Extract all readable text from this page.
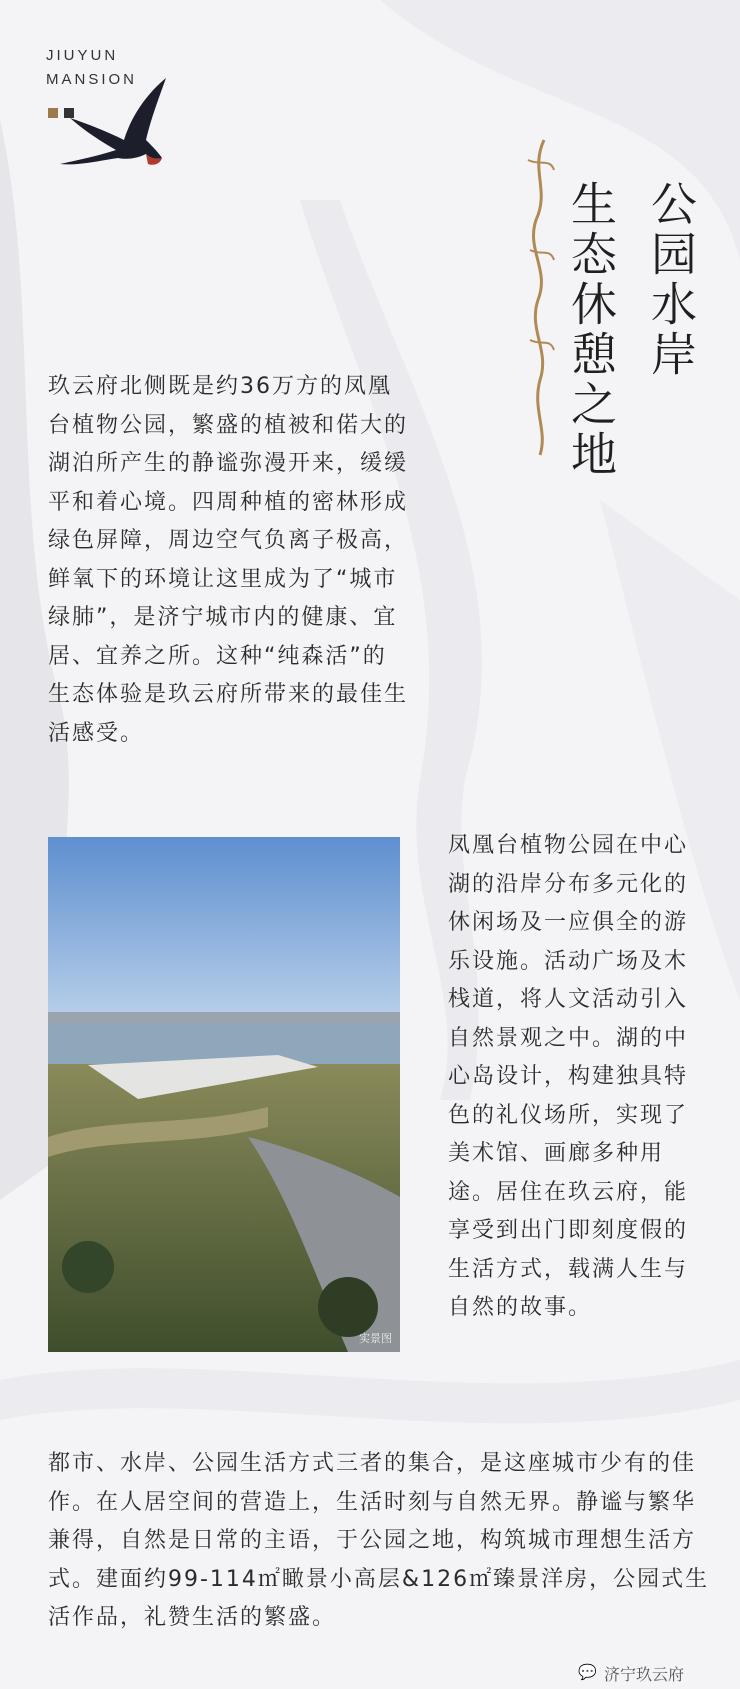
JIUYUN
MANSION
生态休憩之地 公园水岸
玖云府北侧既是约36万方的凤凰台植物公园，繁盛的植被和偌大的湖泊所产生的静谧弥漫开来，缓缓平和着心境。四周种植的密林形成绿色屏障，周边空气负离子极高，鲜氧下的环境让这里成为了“城市绿肺”，是济宁城市内的健康、宜居、宜养之所。这种“纯森活”的生态体验是玖云府所带来的最佳生活感受。
实景图
凤凰台植物公园在中心湖的沿岸分布多元化的休闲场及一应俱全的游乐设施。活动广场及木栈道，将人文活动引入自然景观之中。湖的中心岛设计，构建独具特色的礼仪场所，实现了美术馆、画廊多种用途。居住在玖云府，能享受到出门即刻度假的生活方式，载满人生与自然的故事。
都市、水岸、公园生活方式三者的集合，是这座城市少有的佳作。在人居空间的营造上，生活时刻与自然无界。静谧与繁华兼得，自然是日常的主语，于公园之地，构筑城市理想生活方式。建面约99-114㎡瞰景小高层&126㎡臻景洋房，公园式生活作品，礼赞生活的繁盛。
💬 济宁玖云府
